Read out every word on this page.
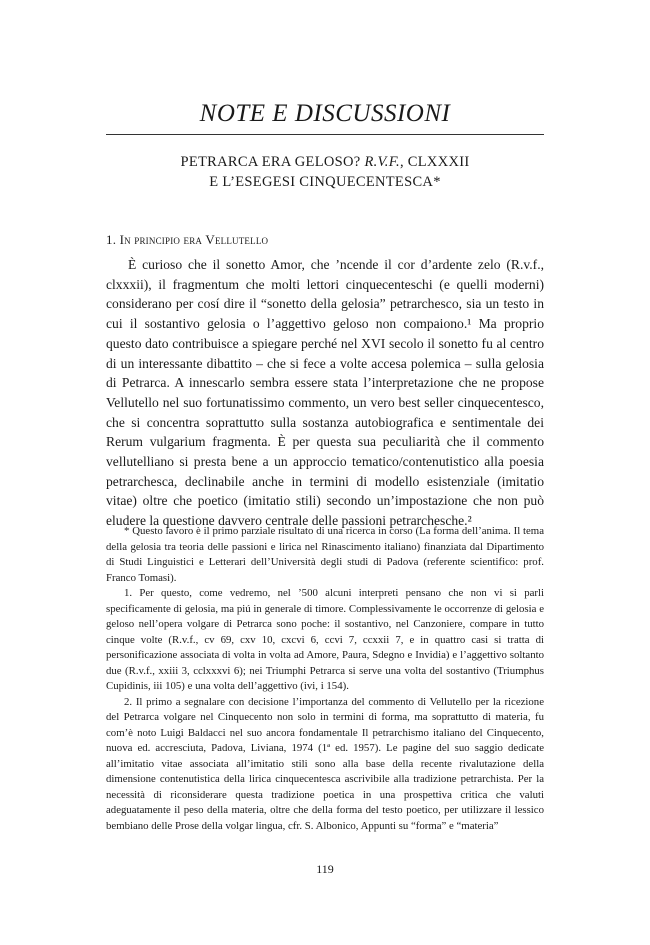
NOTE E DISCUSSIONI
PETRARCA ERA GELOSO? R.V.F., CLXXXII
E L’ESEGESI CINQUECENTESCA*
1. In principio era Vellutello

È curioso che il sonetto Amor, che ’ncende il cor d’ardente zelo (R.v.f., clxxxii), il fragmentum che molti lettori cinquecenteschi (e quelli moderni) considerano per cosí dire il “sonetto della gelosia” petrarchesco, sia un testo in cui il sostantivo gelosia o l’aggettivo geloso non compaiono.¹ Ma proprio questo dato contribuisce a spiegare perché nel XVI secolo il sonetto fu al centro di un interessante dibattito – che si fece a volte accesa polemica – sulla gelosia di Petrarca. A innescarlo sembra essere stata l’interpretazione che ne propose Vellutello nel suo fortunatissimo commento, un vero best seller cinquecentesco, che si concentra soprattutto sulla sostanza autobiografica e sentimentale dei Rerum vulgarium fragmenta. È per questa sua peculiarità che il commento vellutelliano si presta bene a un approccio tematico/contenutistico alla poesia petrarchesca, declinabile anche in termini di modello esistenziale (imitatio vitae) oltre che poetico (imitatio stili) secondo un’impostazione che non può eludere la questione davvero centrale delle passioni petrarchesche.²

* Questo lavoro è il primo parziale risultato di una ricerca in corso (La forma dell’anima. Il tema della gelosia tra teoria delle passioni e lirica nel Rinascimento italiano) finanziata dal Dipartimento di Studi Linguistici e Letterari dell’Università degli studi di Padova (referente scientifico: prof. Franco Tomasi).

1. Per questo, come vedremo, nel ’500 alcuni interpreti pensano che non vi si parli specificamente di gelosia, ma piú in generale di timore. Complessivamente le occorrenze di gelosia e geloso nell’opera volgare di Petrarca sono poche: il sostantivo, nel Canzoniere, compare in tutto cinque volte (R.v.f., cv 69, cxv 10, cxcvi 6, ccvi 7, ccxxii 7, e in quattro casi si tratta di personificazione associata di volta in volta ad Amore, Paura, Sdegno e Invidia) e l’aggettivo soltanto due (R.v.f., xxiii 3, cclxxxvi 6); nei Triumphi Petrarca si serve una volta del sostantivo (Triumphus Cupidinis, iii 105) e una volta dell’aggettivo (ivi, i 154).

2. Il primo a segnalare con decisione l’importanza del commento di Vellutello per la ricezione del Petrarca volgare nel Cinquecento non solo in termini di forma, ma soprattutto di materia, fu com’è noto Luigi Baldacci nel suo ancora fondamentale Il petrarchismo italiano del Cinquecento, nuova ed. accresciuta, Padova, Liviana, 1974 (1ª ed. 1957). Le pagine del suo saggio dedicate all’imitatio vitae associata all’imitatio stili sono alla base della recente rivalutazione della dimensione contenutistica della lirica cinquecentesca ascrivibile alla tradizione petrarchista. Per la necessità di riconsiderare questa tradizione poetica in una prospettiva critica che valuti adeguatamente il peso della materia, oltre che della forma del testo poetico, per utilizzare il lessico bembiano delle Prose della volgar lingua, cfr. S. Albonico, Appunti su “forma” e “materia”

119
